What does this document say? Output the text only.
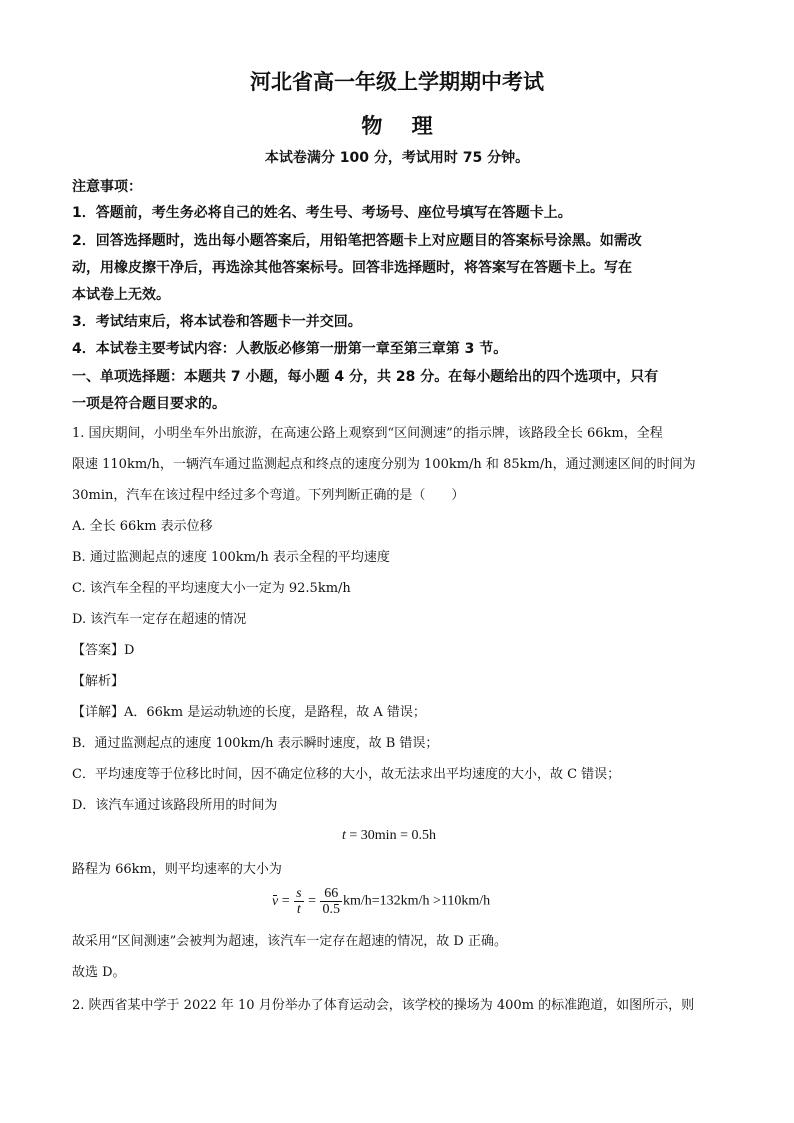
河北省高一年级上学期期中考试
物    理
本试卷满分 100 分，考试用时 75 分钟。
注意事项：
1．答题前，考生务必将自己的姓名、考生号、考场号、座位号填写在答题卡上。
2．回答选择题时，选出每小题答案后，用铅笔把答题卡上对应题目的答案标号涂黑。如需改
动，用橡皮擦干净后，再选涂其他答案标号。回答非选择题时，将答案写在答题卡上。写在
本试卷上无效。
3．考试结束后，将本试卷和答题卡一并交回。
4．本试卷主要考试内容：人教版必修第一册第一章至第三章第 3 节。
一、单项选择题：本题共 7 小题，每小题 4 分，共 28 分。在每小题给出的四个选项中，只有
一项是符合题目要求的。
1. 国庆期间，小明坐车外出旅游，在高速公路上观察到“区间测速”的指示牌，该路段全长 66km，全程
限速 110km/h，一辆汽车通过监测起点和终点的速度分别为 100km/h 和 85km/h，通过测速区间的时间为
30min，汽车在该过程中经过多个弯道。下列判断正确的是（　　）
A. 全长 66km 表示位移
B. 通过监测起点的速度 100km/h 表示全程的平均速度
C. 该汽车全程的平均速度大小一定为 92.5km/h
D. 该汽车一定存在超速的情况
【答案】D
【解析】
【详解】A．66km 是运动轨迹的长度，是路程，故 A 错误；
B．通过监测起点的速度 100km/h 表示瞬时速度，故 B 错误；
C．平均速度等于位移比时间，因不确定位移的大小，故无法求出平均速度的大小，故 C 错误；
D．该汽车通过该路段所用的时间为
t = 30min = 0.5h
路程为 66km，则平均速率的大小为
$v = \frac{s}{t} = \frac{66}{0.5} km/h=132km/h >110km/h$
故采用“区间测速”会被判为超速，该汽车一定存在超速的情况，故 D 正确。
故选 D。
2. 陕西省某中学于 2022 年 10 月份举办了体育运动会，该学校的操场为 400m 的标准跑道，如图所示，则
